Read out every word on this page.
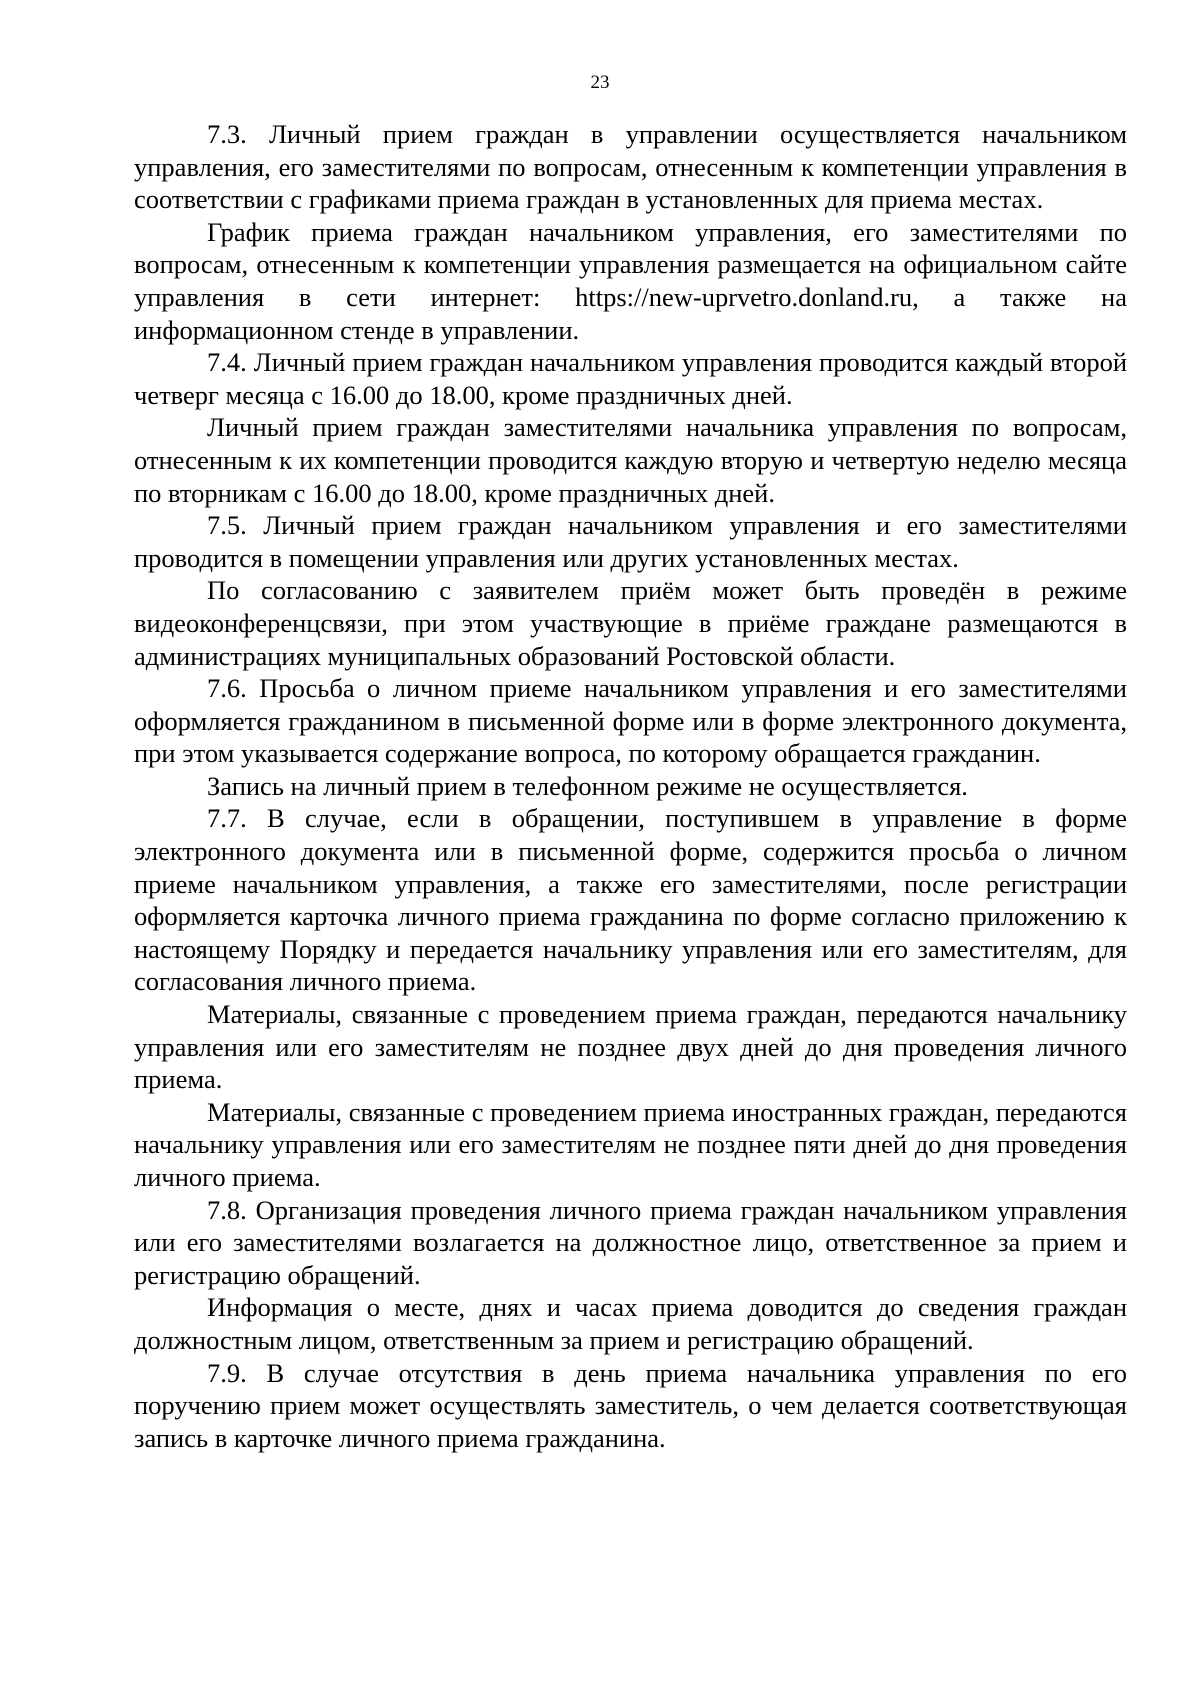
23

7.3. Личный прием граждан в управлении осуществляется начальником управления, его заместителями по вопросам, отнесенным к компетенции управления в соответствии с графиками приема граждан в установленных для приема местах.

График приема граждан начальником управления, его заместителями по вопросам, отнесенным к компетенции управления размещается на официальном сайте управления в сети интернет: https://new-uprvetro.donland.ru, а также на информационном стенде в управлении.

7.4. Личный прием граждан начальником управления проводится каждый второй четверг месяца с 16.00 до 18.00, кроме праздничных дней.

Личный прием граждан заместителями начальника управления по вопросам, отнесенным к их компетенции проводится каждую вторую и четвертую неделю месяца по вторникам с 16.00 до 18.00, кроме праздничных дней.

7.5. Личный прием граждан начальником управления и его заместителями проводится в помещении управления или других установленных местах.

По согласованию с заявителем приём может быть проведён в режиме видеоконференцсвязи, при этом участвующие в приёме граждане размещаются в администрациях муниципальных образований Ростовской области.

7.6. Просьба о личном приеме начальником управления и его заместителями оформляется гражданином в письменной форме или в форме электронного документа, при этом указывается содержание вопроса, по которому обращается гражданин.

Запись на личный прием в телефонном режиме не осуществляется.

7.7. В случае, если в обращении, поступившем в управление в форме электронного документа или в письменной форме, содержится просьба о личном приеме начальником управления, а также его заместителями, после регистрации оформляется карточка личного приема гражданина по форме согласно приложению к настоящему Порядку и передается начальнику управления или его заместителям, для согласования личного приема.

Материалы, связанные с проведением приема граждан, передаются начальнику управления или его заместителям не позднее двух дней до дня проведения личного приема.

Материалы, связанные с проведением приема иностранных граждан, передаются начальнику управления или его заместителям не позднее пяти дней до дня проведения личного приема.

7.8. Организация проведения личного приема граждан начальником управления или его заместителями возлагается на должностное лицо, ответственное за прием и регистрацию обращений.

Информация о месте, днях и часах приема доводится до сведения граждан должностным лицом, ответственным за прием и регистрацию обращений.

7.9. В случае отсутствия в день приема начальника управления по его поручению прием может осуществлять заместитель, о чем делается соответствующая запись в карточке личного приема гражданина.
